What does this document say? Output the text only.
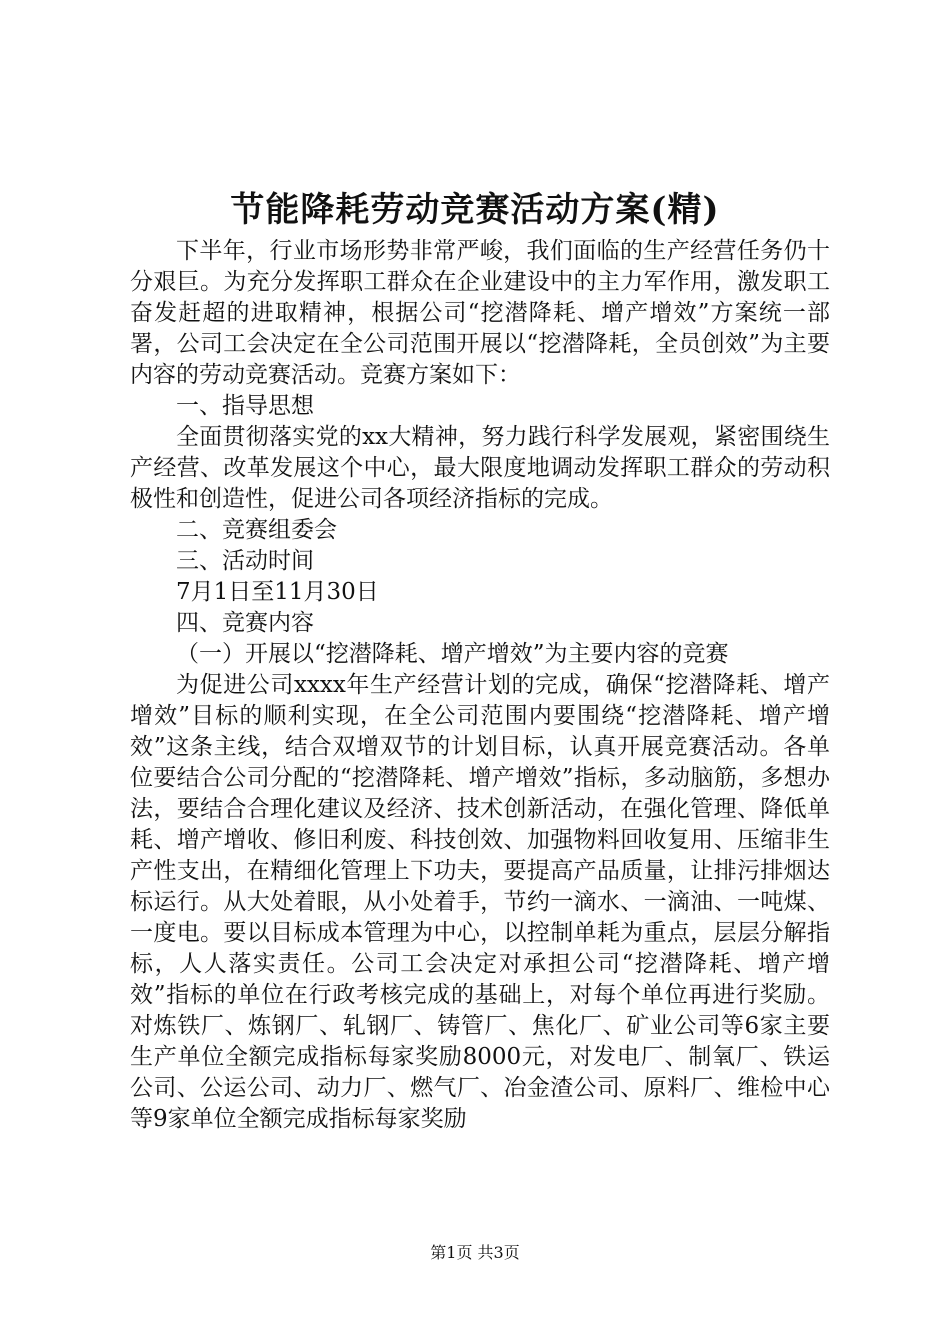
节能降耗劳动竞赛活动方案(精)

下半年，行业市场形势非常严峻，我们面临的生产经营任务仍十分艰巨。为充分发挥职工群众在企业建设中的主力军作用，激发职工奋发赶超的进取精神，根据公司“挖潜降耗、增产增效”方案统一部署，公司工会决定在全公司范围开展以“挖潜降耗，全员创效”为主要内容的劳动竞赛活动。竞赛方案如下：

一、指导思想

全面贯彻落实党的xx大精神，努力践行科学发展观，紧密围绕生产经营、改革发展这个中心，最大限度地调动发挥职工群众的劳动积极性和创造性，促进公司各项经济指标的完成。

二、竞赛组委会

三、活动时间

7月1日至11月30日

四、竞赛内容

（一）开展以“挖潜降耗、增产增效”为主要内容的竞赛

为促进公司xxxx年生产经营计划的完成，确保“挖潜降耗、增产增效”目标的顺利实现，在全公司范围内要围绕“挖潜降耗、增产增效”这条主线，结合双增双节的计划目标，认真开展竞赛活动。各单位要结合公司分配的“挖潜降耗、增产增效”指标，多动脑筋，多想办法，要结合合理化建议及经济、技术创新活动，在强化管理、降低单耗、增产增收、修旧利废、科技创效、加强物料回收复用、压缩非生产性支出，在精细化管理上下功夫，要提高产品质量，让排污排烟达标运行。从大处着眼，从小处着手，节约一滴水、一滴油、一吨煤、一度电。要以目标成本管理为中心，以控制单耗为重点，层层分解指标，人人落实责任。公司工会决定对承担公司“挖潜降耗、增产增效”指标的单位在行政考核完成的基础上，对每个单位再进行奖励。对炼铁厂、炼钢厂、轧钢厂、铸管厂、焦化厂、矿业公司等6家主要生产单位全额完成指标每家奖励8000元，对发电厂、制氧厂、铁运公司、公运公司、动力厂、燃气厂、冶金渣公司、原料厂、维检中心等9家单位全额完成指标每家奖励

第1页 共3页
